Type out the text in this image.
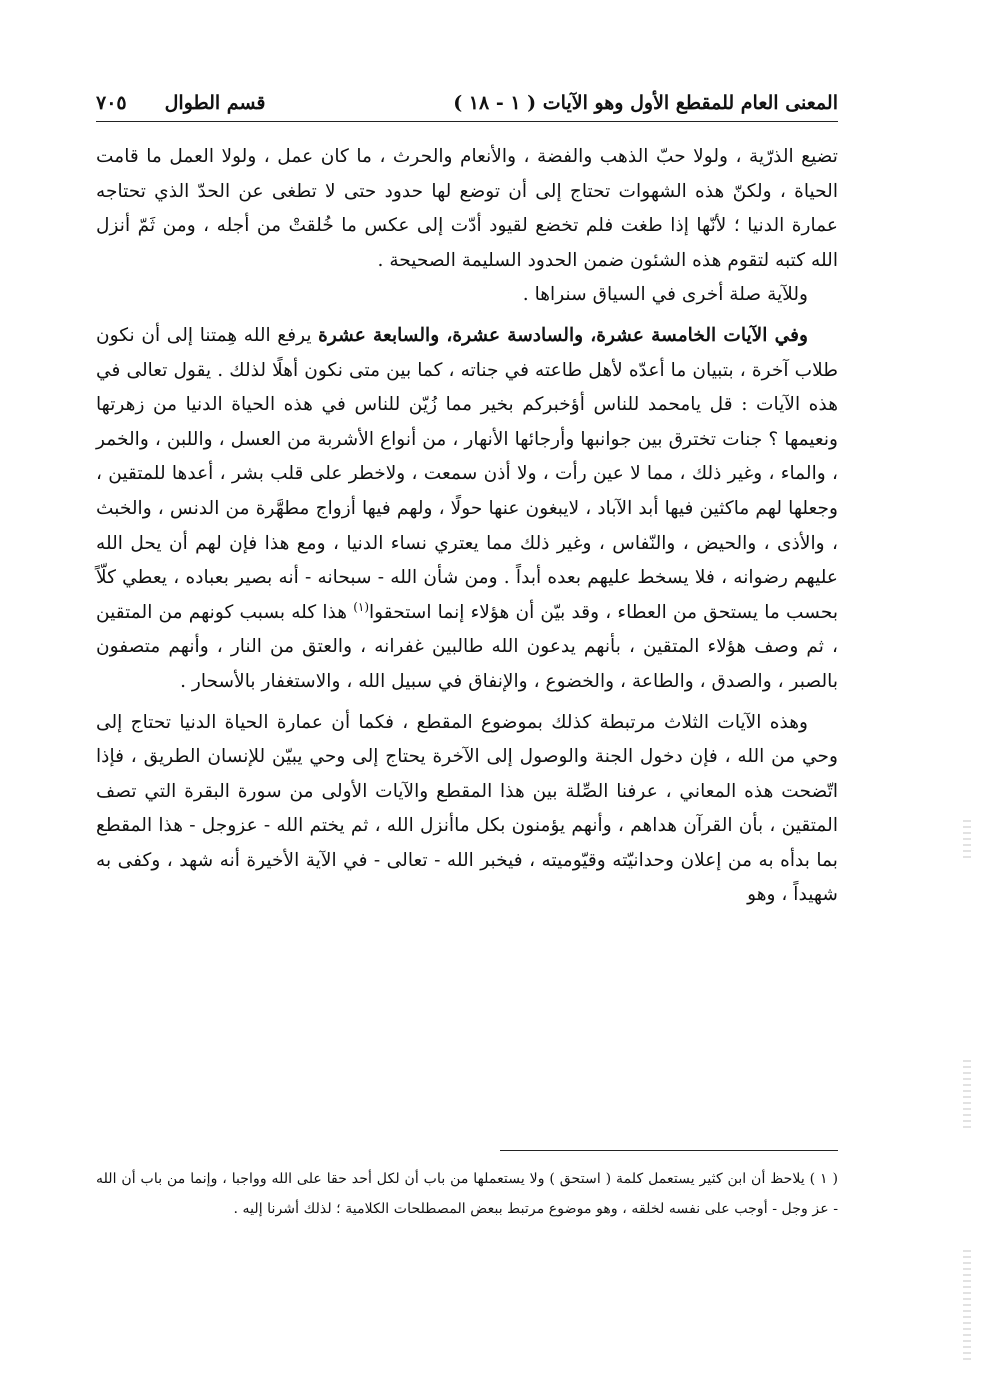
المعنى العام للمقطع الأول وهو الآيات ( ١ - ١٨ )
قسم الطوال
٧٠٥

تضيع الذرّية ، ولولا حبّ الذهب والفضة ، والأنعام والحرث ، ما كان عمل ، ولولا العمل ما قامت الحياة ، ولكنّ هذه الشهوات تحتاج إلى أن توضع لها حدود حتى لا تطغى عن الحدّ الذي تحتاجه عمارة الدنيا ؛ لأنّها إذا طغت فلم تخضع لقيود أدّت إلى عكس ما خُلقتْ من أجله ، ومن ثَمّ أنزل الله كتبه لتقوم هذه الشئون ضمن الحدود السليمة الصحيحة .

وللآية صلة أخرى في السياق سنراها .

وفي الآيات الخامسة عشرة، والسادسة عشرة، والسابعة عشرة يرفع الله هِمتنا إلى أن نكون طلاب آخرة ، بتبيان ما أعدّه لأهل طاعته في جناته ، كما بين متى نكون أهلًا لذلك . يقول تعالى في هذه الآيات : قل يامحمد للناس أؤخبركم بخير مما زُيّن للناس في هذه الحياة الدنيا من زهرتها ونعيمها ؟ جنات تخترق بين جوانبها وأرجائها الأنهار ، من أنواع الأشربة من العسل ، واللبن ، والخمر ، والماء ، وغير ذلك ، مما لا عين رأت ، ولا أذن سمعت ، ولاخطر على قلب بشر ، أعدها للمتقين ، وجعلها لهم ماكثين فيها أبد الآباد ، لايبغون عنها حولًا ، ولهم فيها أزواج مطهَّرة من الدنس ، والخبث ، والأذى ، والحيض ، والنّفاس ، وغير ذلك مما يعتري نساء الدنيا ، ومع هذا فإن لهم أن يحل الله عليهم رضوانه ، فلا يسخط عليهم بعده أبداً . ومن شأن الله - سبحانه - أنه بصير بعباده ، يعطي كلّاً بحسب ما يستحق من العطاء ، وقد بيّن أن هؤلاء إنما استحقوا$^{(١)}$ هذا كله بسبب كونهم من المتقين ، ثم وصف هؤلاء المتقين ، بأنهم يدعون الله طالبين غفرانه ، والعتق من النار ، وأنهم متصفون بالصبر ، والصدق ، والطاعة ، والخضوع ، والإنفاق في سبيل الله ، والاستغفار بالأسحار .

وهذه الآيات الثلاث مرتبطة كذلك بموضوع المقطع ، فكما أن عمارة الحياة الدنيا تحتاج إلى وحي من الله ، فإن دخول الجنة والوصول إلى الآخرة يحتاج إلى وحي يبيّن للإنسان الطريق ، فإذا اتّضحت هذه المعاني ، عرفنا الصِّلة بين هذا المقطع والآيات الأولى من سورة البقرة التي تصف المتقين ، بأن القرآن هداهم ، وأنهم يؤمنون بكل ماأنزل الله ، ثم يختم الله - عزوجل - هذا المقطع بما بدأه به من إعلان وحدانيّته وقيّوميته ، فيخبر الله - تعالى - في الآية الأخيرة أنه شهد ، وكفى به شهيداً ، وهو

( ١ ) يلاحظ أن ابن كثير يستعمل كلمة ( استحق ) ولا يستعملها من باب أن لكل أحد حقا على الله وواجبا ، وإنما من باب أن الله - عز وجل - أوجب على نفسه لخلقه ، وهو موضوع مرتبط ببعض المصطلحات الكلامية ؛ لذلك أشرنا إليه .
